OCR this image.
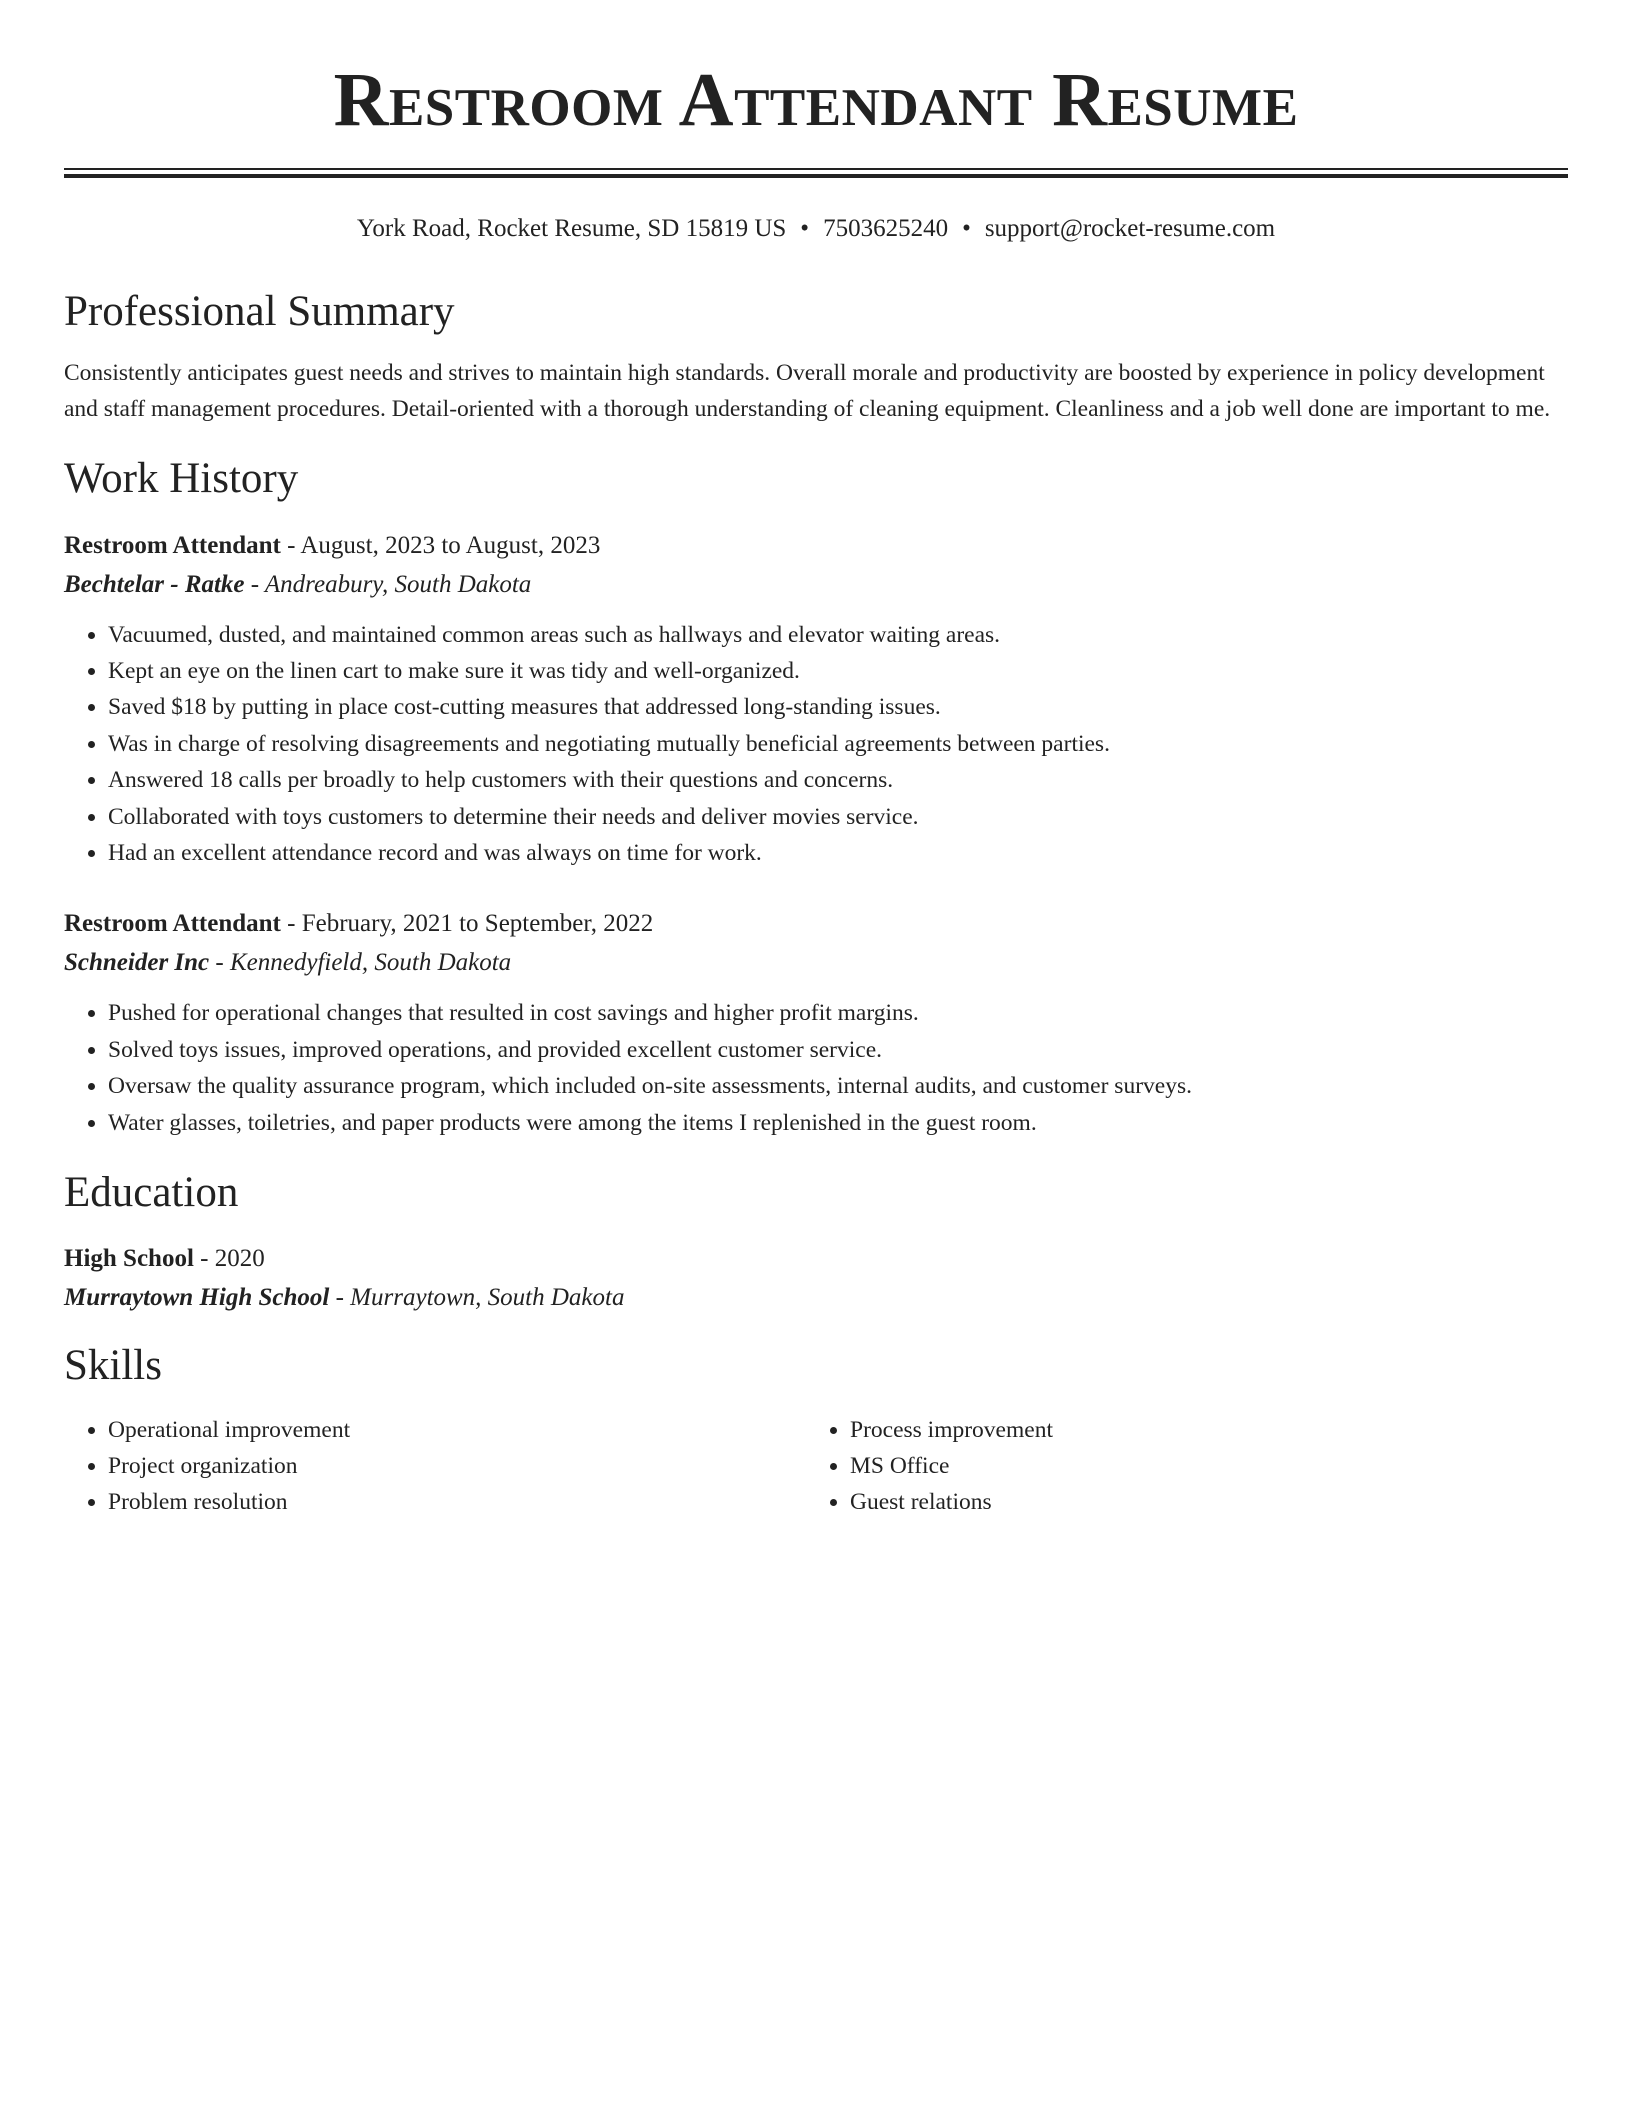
Restroom Attendant Resume
York Road, Rocket Resume, SD 15819 US • 7503625240 • support@rocket-resume.com
Professional Summary

Consistently anticipates guest needs and strives to maintain high standards. Overall morale and productivity are boosted by experience in policy development and staff management procedures. Detail-oriented with a thorough understanding of cleaning equipment. Cleanliness and a job well done are important to me.

Work History

Restroom Attendant - August, 2023 to August, 2023

Bechtelar - Ratke - Andreabury, South Dakota

• Vacuumed, dusted, and maintained common areas such as hallways and elevator waiting areas.
• Kept an eye on the linen cart to make sure it was tidy and well-organized.
• Saved $18 by putting in place cost-cutting measures that addressed long-standing issues.
• Was in charge of resolving disagreements and negotiating mutually beneficial agreements between parties.
• Answered 18 calls per broadly to help customers with their questions and concerns.
• Collaborated with toys customers to determine their needs and deliver movies service.
• Had an excellent attendance record and was always on time for work.

Restroom Attendant - February, 2021 to September, 2022

Schneider Inc - Kennedyfield, South Dakota

• Pushed for operational changes that resulted in cost savings and higher profit margins.
• Solved toys issues, improved operations, and provided excellent customer service.
• Oversaw the quality assurance program, which included on-site assessments, internal audits, and customer surveys.
• Water glasses, toiletries, and paper products were among the items I replenished in the guest room.
Education

High School - 2020

Murraytown High School - Murraytown, South Dakota

Skills
• Operational improvement
• Project organization
• Problem resolution
• Process improvement
• MS Office
• Guest relations
